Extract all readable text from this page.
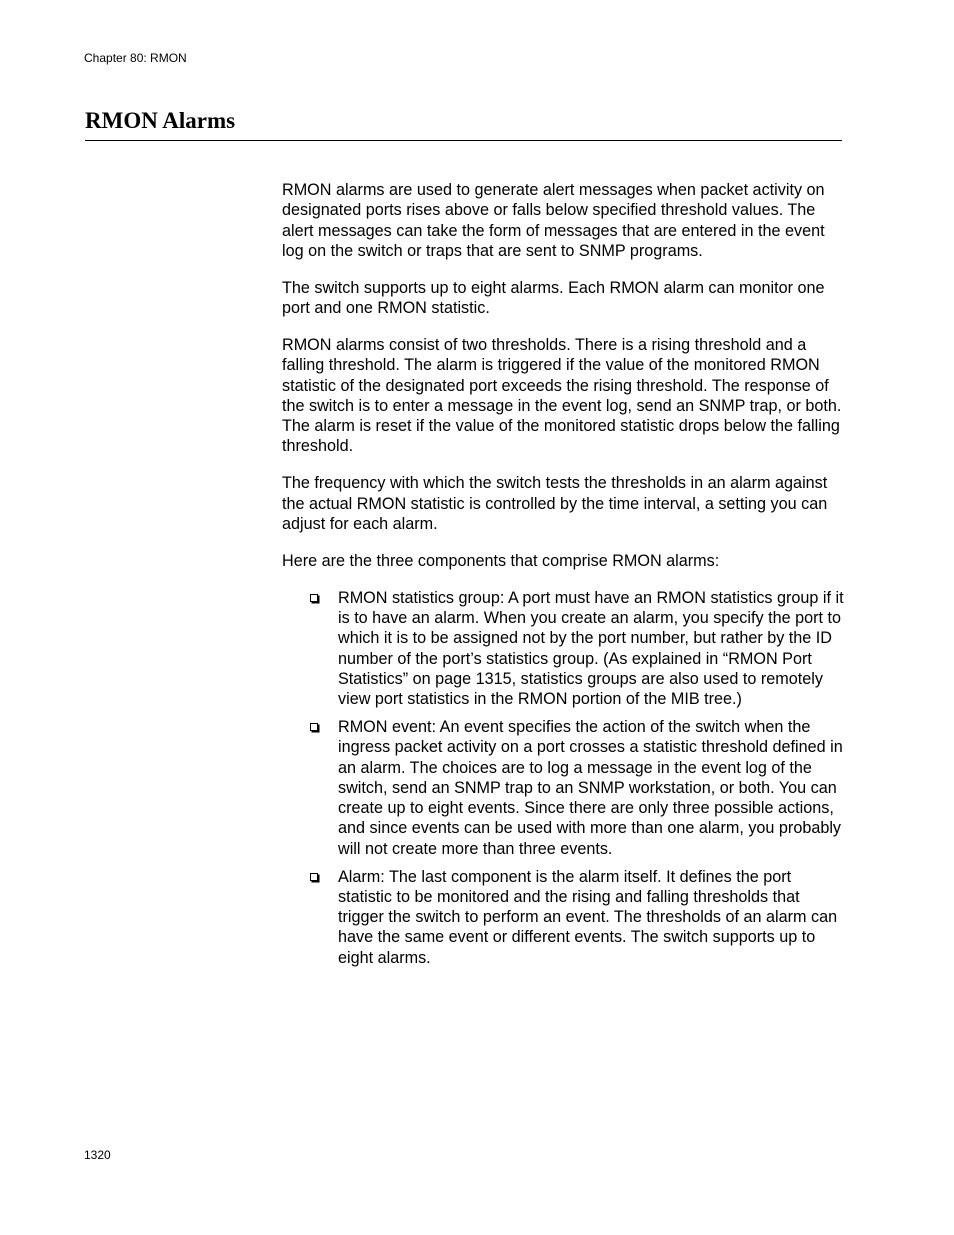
Chapter 80: RMON
RMON Alarms

RMON alarms are used to generate alert messages when packet activity on designated ports rises above or falls below specified threshold values. The alert messages can take the form of messages that are entered in the event log on the switch or traps that are sent to SNMP programs.

The switch supports up to eight alarms. Each RMON alarm can monitor one port and one RMON statistic.

RMON alarms consist of two thresholds. There is a rising threshold and a falling threshold. The alarm is triggered if the value of the monitored RMON statistic of the designated port exceeds the rising threshold. The response of the switch is to enter a message in the event log, send an SNMP trap, or both. The alarm is reset if the value of the monitored statistic drops below the falling threshold.

The frequency with which the switch tests the thresholds in an alarm against the actual RMON statistic is controlled by the time interval, a setting you can adjust for each alarm.

Here are the three components that comprise RMON alarms:

RMON statistics group: A port must have an RMON statistics group if it is to have an alarm. When you create an alarm, you specify the port to which it is to be assigned not by the port number, but rather by the ID number of the port’s statistics group. (As explained in “RMON Port Statistics” on page 1315, statistics groups are also used to remotely view port statistics in the RMON portion of the MIB tree.)
RMON event: An event specifies the action of the switch when the ingress packet activity on a port crosses a statistic threshold defined in an alarm. The choices are to log a message in the event log of the switch, send an SNMP trap to an SNMP workstation, or both. You can create up to eight events. Since there are only three possible actions, and since events can be used with more than one alarm, you probably will not create more than three events.
Alarm: The last component is the alarm itself. It defines the port statistic to be monitored and the rising and falling thresholds that trigger the switch to perform an event. The thresholds of an alarm can have the same event or different events. The switch supports up to eight alarms.
1320
